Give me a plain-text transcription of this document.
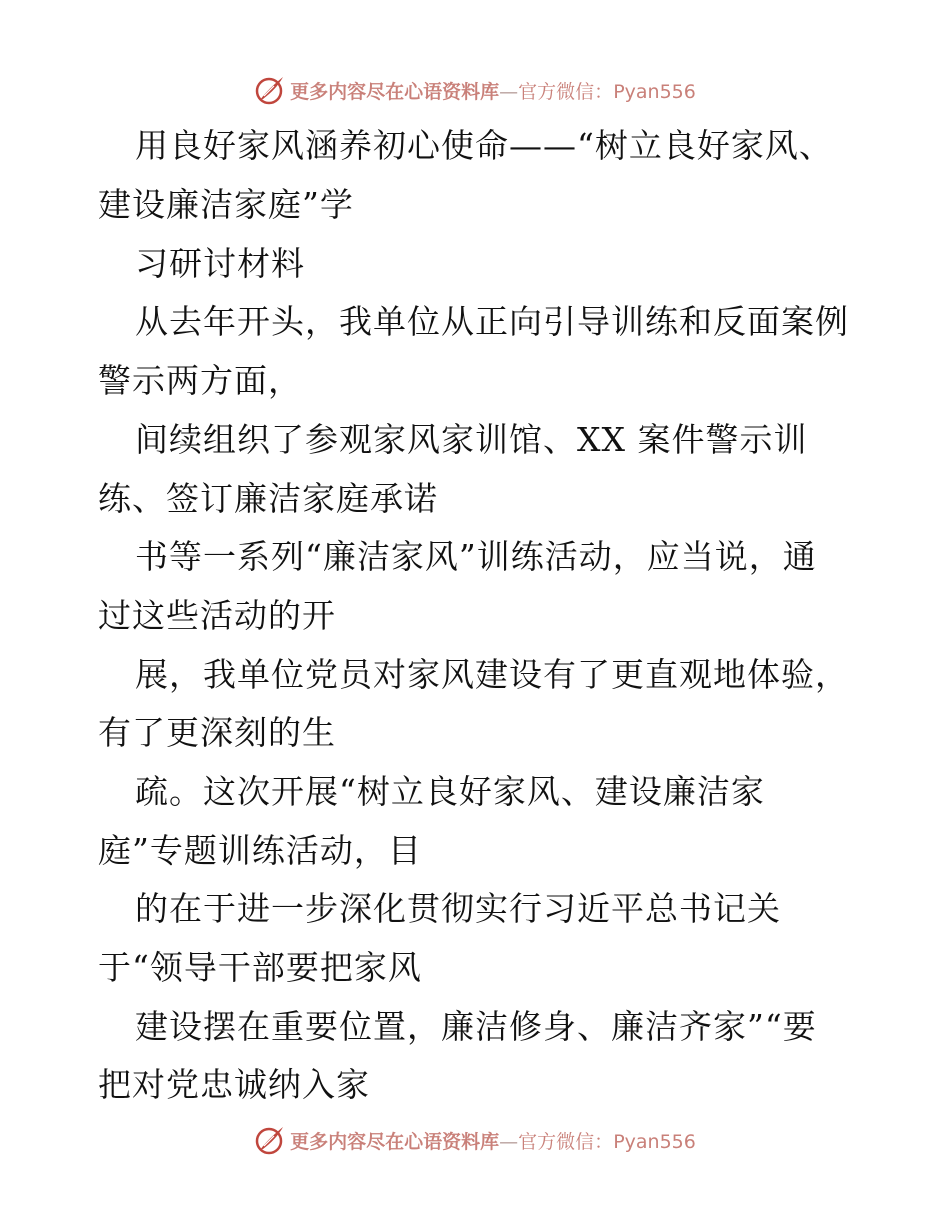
更多内容尽在心语资料库—官方微信：Pyan556
用良好家风涵养初心使命——“树立良好家风、
建设廉洁家庭”学
习研讨材料
从去年开头，我单位从正向引导训练和反面案例
警示两方面，
间续组织了参观家风家训馆、XX 案件警示训
练、签订廉洁家庭承诺
书等一系列“廉洁家风”训练活动，应当说，通
过这些活动的开
展，我单位党员对家风建设有了更直观地体验，
有了更深刻的生
疏。这次开展“树立良好家风、建设廉洁家
庭”专题训练活动，目
的在于进一步深化贯彻实行习近平总书记关
于“领导干部要把家风
建设摆在重要位置，廉洁修身、廉洁齐家”“要
把对党忠诚纳入家
更多内容尽在心语资料库—官方微信：Pyan556
